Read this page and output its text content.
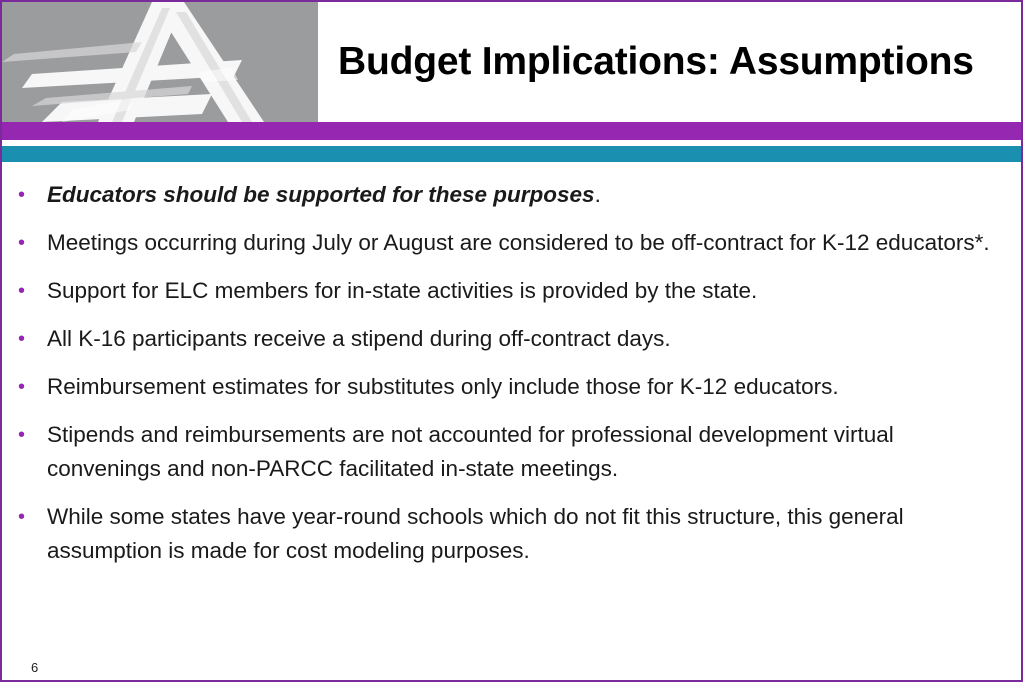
Budget Implications: Assumptions
• Educators should be supported for these purposes.
• Meetings occurring during July or August are considered to be off-contract for K-12 educators*.
• Support for ELC members for in-state activities is provided by the state.
• All K-16 participants receive a stipend during off-contract days.
• Reimbursement estimates for substitutes only include those for K-12 educators.
• Stipends and reimbursements are not accounted for professional development virtual convenings and non-PARCC facilitated in-state meetings.
• While some states have year-round schools which do not fit this structure, this general assumption is made for cost modeling purposes.
6
